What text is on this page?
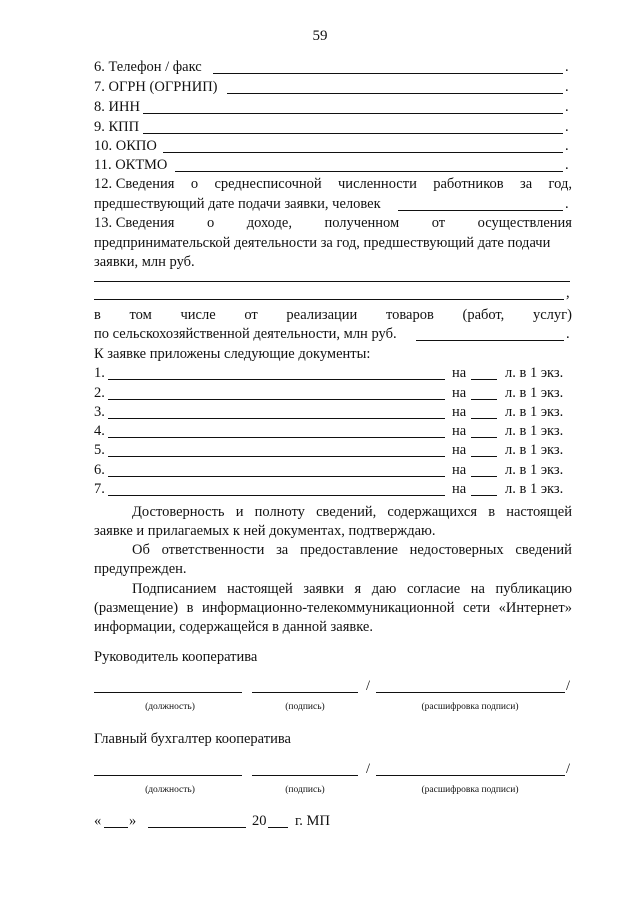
59
6. Телефон / факс	.
7. ОГРН (ОГРНИП)	.
8. ИНН	.
9. КПП	.
10. ОКПО	.
11. ОКТМО	.
12. Сведения о среднесписочной численности работников за год,
предшествующий дате подачи заявки, человек	.
13. Сведения о доходе, полученном от осуществления
предпринимательской деятельности за год, предшествующий дате подачи
заявки, млн руб.
,
в том числе от реализации товаров (работ, услуг)
по сельскохозяйственной деятельности, млн руб.	.
К заявке приложены следующие документы:
1.	на	л. в 1 экз.
2.	на	л. в 1 экз.
3.	на	л. в 1 экз.
4.	на	л. в 1 экз.
5.	на	л. в 1 экз.
6.	на	л. в 1 экз.
7.	на	л. в 1 экз.
Достоверность и полноту сведений, содержащихся в настоящей
заявке и прилагаемых к ней документах, подтверждаю.
Об ответственности за предоставление недостоверных сведений
предупрежден.
Подписанием настоящей заявки я даю согласие на публикацию
(размещение) в информационно-телекоммуникационной сети «Интернет»
информации, содержащейся в данной заявке.
Руководитель кооператива
/	/
(должность)	(подпись)	(расшифровка подписи)
Главный бухгалтер кооператива
/	/
(должность)	(подпись)	(расшифровка подписи)
« »	20 г. МП
